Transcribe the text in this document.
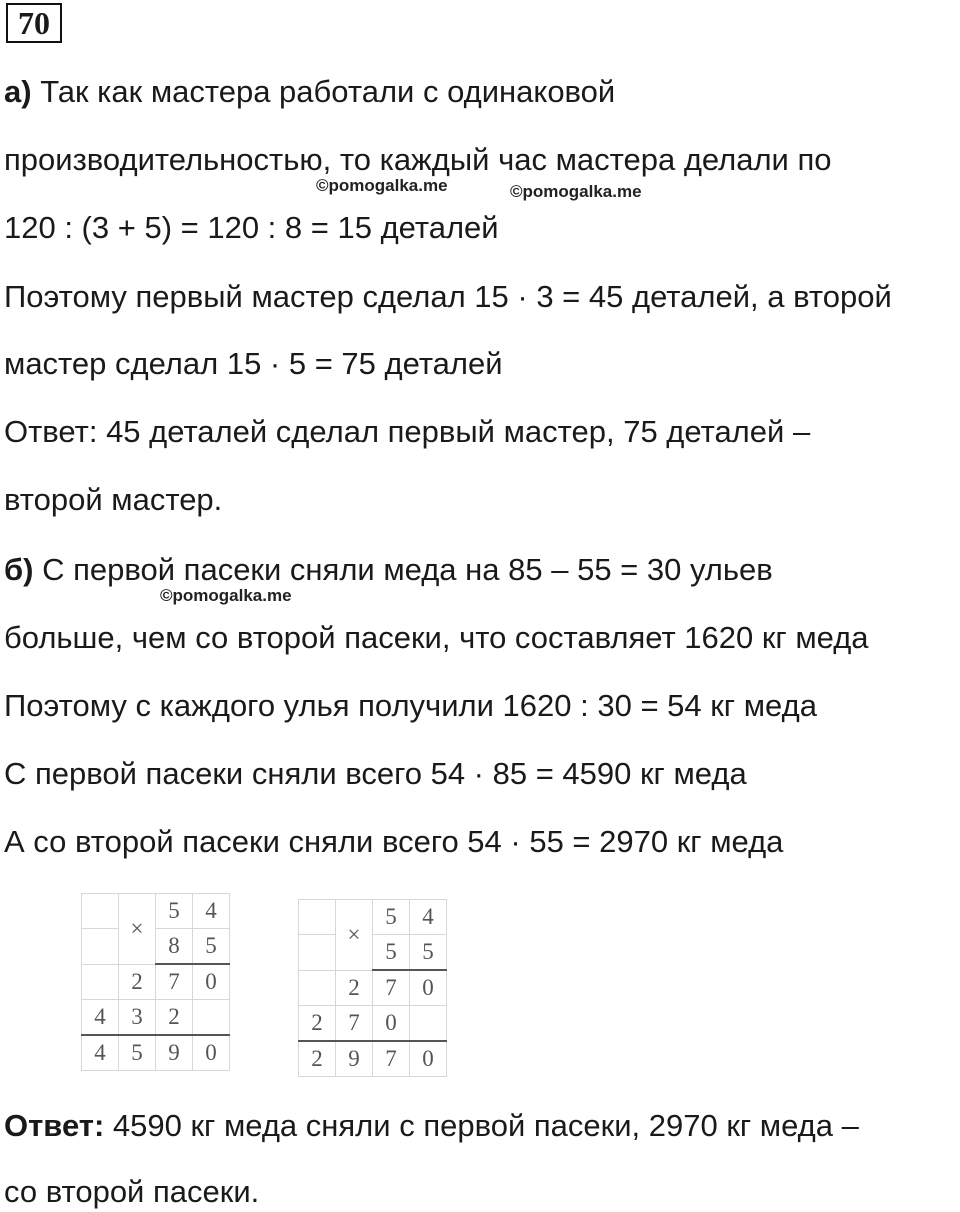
70
а) Так как мастера работали с одинаковой
производительностью, то каждый час мастера делали по
©pomogalka.me	©pomogalka.me
120 : (3 + 5) = 120 : 8 = 15 деталей
Поэтому первый мастер сделал 15 · 3 = 45 деталей, а второй
мастер сделал 15 · 5 = 75 деталей
Ответ: 45 деталей сделал первый мастер, 75 деталей –
второй мастер.
б) С первой пасеки сняли меда на 85 – 55 = 30 ульев
©pomogalka.me
больше, чем со второй пасеки, что составляет 1620 кг меда
Поэтому с каждого улья получили 1620 : 30 = 54 кг меда
С первой пасеки сняли всего 54 · 85 = 4590 кг меда
А со второй пасеки сняли всего 54 · 55 = 2970 кг меда
	×	5	4
		8	5
	2	7	0
4	3	2	
4	5	9	0
	×	5	4
		5	5
	2	7	0
2	7	0	
2	9	7	0
Ответ: 4590 кг меда сняли с первой пасеки, 2970 кг меда –
со второй пасеки.
